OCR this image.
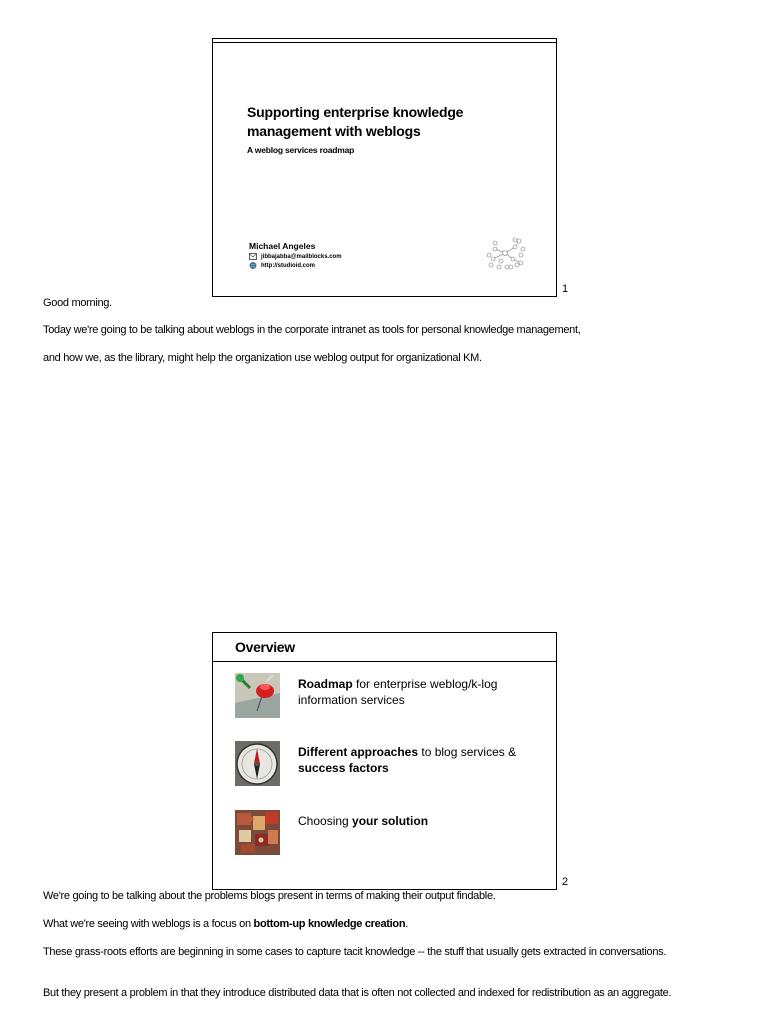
Supporting enterprise knowledge management with weblogs
A weblog services roadmap
Michael Angeles
jibbajabba@mailblocks.com
http://studioid.com
1
Good morning.
Today we're going to be talking about weblogs in the corporate intranet as tools for personal knowledge management,
and how we, as the library, might help the organization use weblog output for organizational KM.
Overview
Roadmap for enterprise weblog/k-log information services
Different approaches to blog services & success factors
Choosing your solution
2
We're going to be talking about the problems blogs present in terms of making their output findable.
What we're seeing with weblogs is a focus on bottom-up knowledge creation.
These grass-roots efforts are beginning in some cases to capture tacit knowledge -- the stuff that usually gets extracted in conversations.
But they present a problem in that they introduce distributed data that is often not collected and indexed for redistribution as an aggregate.
